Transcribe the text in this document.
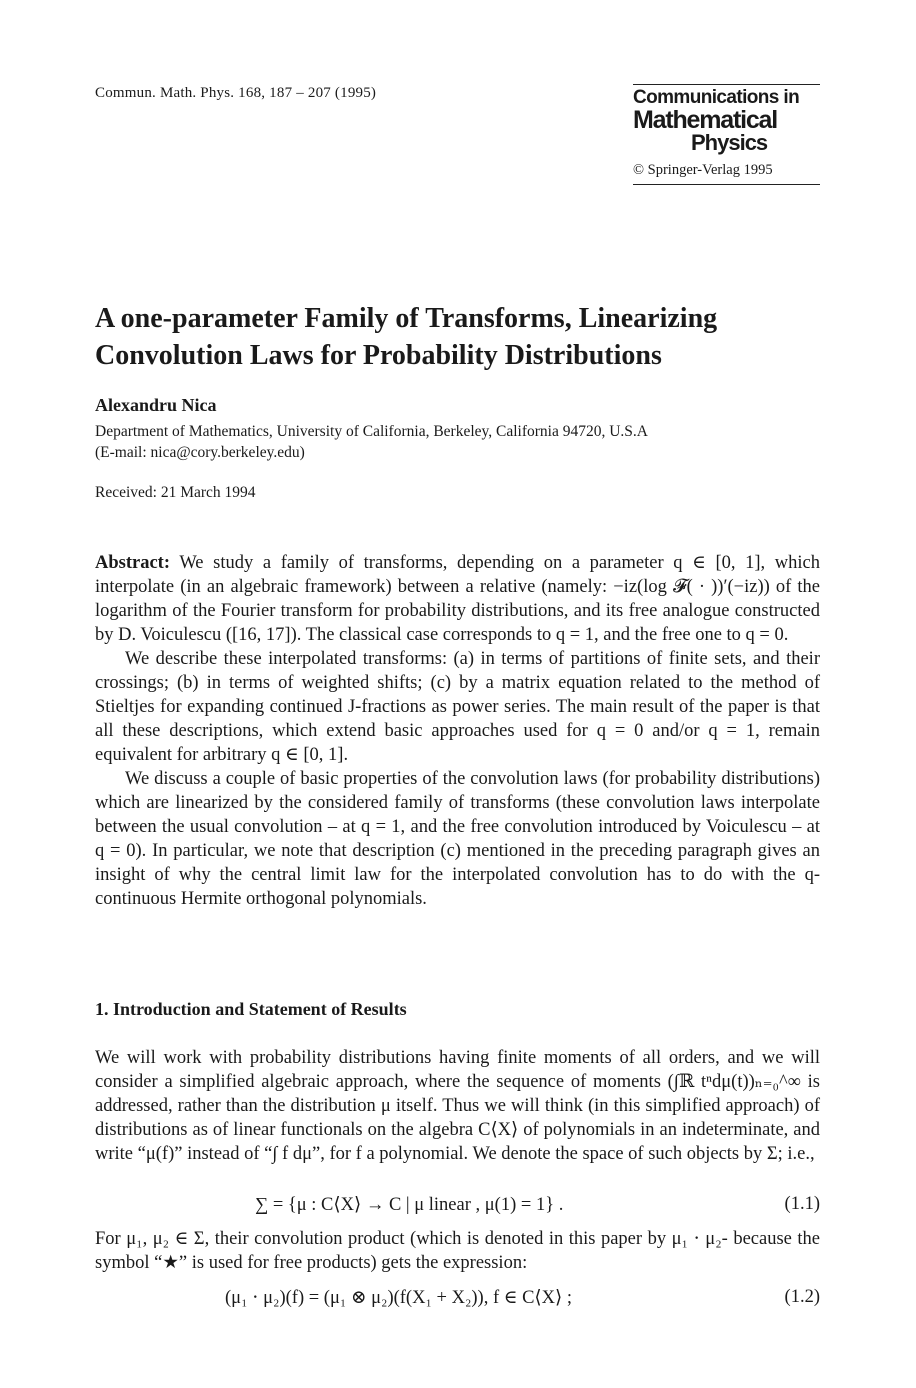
Commun. Math. Phys. 168, 187 – 207 (1995)	Communications in
Mathematical
Physics
© Springer-Verlag 1995
A one-parameter Family of Transforms, Linearizing
Convolution Laws for Probability Distributions
Alexandru Nica
Department of Mathematics, University of California, Berkeley, California 94720, U.S.A
(E-mail: nica@cory.berkeley.edu)
Received: 21 March 1994

Abstract: We study a family of transforms, depending on a parameter q ∈ [0, 1], which interpolate (in an algebraic framework) between a relative (namely: −iz(log 𝓕( · ))′(−iz)) of the logarithm of the Fourier transform for probability distributions, and its free analogue constructed by D. Voiculescu ([16, 17]). The classical case corresponds to q = 1, and the free one to q = 0.

We describe these interpolated transforms: (a) in terms of partitions of finite sets, and their crossings; (b) in terms of weighted shifts; (c) by a matrix equation related to the method of Stieltjes for expanding continued J-fractions as power series. The main result of the paper is that all these descriptions, which extend basic approaches used for q = 0 and/or q = 1, remain equivalent for arbitrary q ∈ [0, 1].

We discuss a couple of basic properties of the convolution laws (for probability distributions) which are linearized by the considered family of transforms (these convolution laws interpolate between the usual convolution – at q = 1, and the free convolution introduced by Voiculescu – at q = 0). In particular, we note that description (c) mentioned in the preceding paragraph gives an insight of why the central limit law for the interpolated convolution has to do with the q-continuous Hermite orthogonal polynomials.

1. Introduction and Statement of Results

We will work with probability distributions having finite moments of all orders, and we will consider a simplified algebraic approach, where the sequence of moments (∫ℝ tⁿdμ(t))ₙ₌₀^∞ is addressed, rather than the distribution μ itself. Thus we will think (in this simplified approach) of distributions as of linear functionals on the algebra C⟨X⟩ of polynomials in an indeterminate, and write “μ(f)” instead of “∫ f dμ”, for f a polynomial. We denote the space of such objects by Σ; i.e.,

∑ = {μ : C⟨X⟩ → C | μ linear , μ(1) = 1} .	(1.1)

For μ₁, μ₂ ∈ Σ, their convolution product (which is denoted in this paper by μ₁ ⋅ μ₂- because the symbol “★” is used for free products) gets the expression:

(μ₁ ⋅ μ₂)(f) = (μ₁ ⊗ μ₂)(f(X₁ + X₂)), f ∈ C⟨X⟩ ;	(1.2)
